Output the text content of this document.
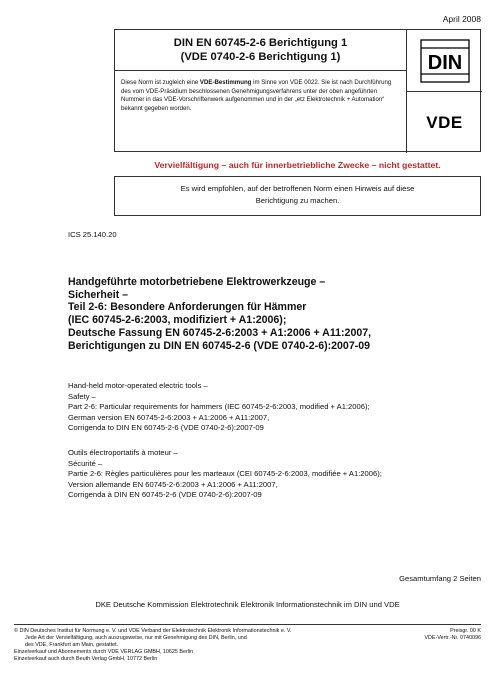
April 2008
DIN EN 60745-2-6 Berichtigung 1
(VDE 0740-2-6 Berichtigung 1)
Diese Norm ist zugleich eine VDE-Bestimmung im Sinne von VDE 0022. Sie ist nach Durchführung des vom VDE-Präsidium beschlossenen Genehmigungsverfahrens unter der oben angeführten Nummer in das VDE-Vorschriftenwerk aufgenommen und in der „etz Elektrotechnik + Automation“ bekannt gegeben worden.
DIN
VDE
Vervielfältigung – auch für innerbetriebliche Zwecke – nicht gestattet.
Es wird empfohlen, auf der betroffenen Norm einen Hinweis auf diese
Berichtigung zu machen.
ICS 25.140.20
Handgeführte motorbetriebene Elektrowerkzeuge –
Sicherheit –
Teil 2-6: Besondere Anforderungen für Hämmer
(IEC 60745-2-6:2003, modifiziert + A1:2006);
Deutsche Fassung EN 60745-2-6:2003 + A1:2006 + A11:2007,
Berichtigungen zu DIN EN 60745-2-6 (VDE 0740-2-6):2007-09
Hand-held motor-operated electric tools –
Safety –
Part 2-6: Particular requirements for hammers (IEC 60745-2-6:2003, modified + A1:2006);
German version EN 60745-2-6:2003 + A1:2006 + A11:2007,
Corrigenda to DIN EN 60745-2-6 (VDE 0740-2-6):2007-09
Outils électroportatifs à moteur –
Sécurité –
Partie 2-6: Règles particulières pour les marteaux (CEI 60745-2-6:2003, modifiée + A1:2006);
Version allemande EN 60745-2-6:2003 + A1:2006 + A11:2007,
Corrigenda à DIN EN 60745-2-6 (VDE 0740-2-6):2007-09
Gesamtumfang 2 Seiten
DKE Deutsche Kommission Elektrotechnik Elektronik Informationstechnik im DIN und VDE
© DIN Deutsches Institut für Normung e. V. und VDE Verband der Elektrotechnik Elektronik Informationstechnik e. V.
Jede Art der Vervielfältigung, auch auszugsweise, nur mit Genehmigung des DIN, Berlin, und
des VDE, Frankfurt am Main, gestattet.
Einzelverkauf und Abonnements durch VDE VERLAG GMBH, 10625 Berlin
Einzelverkauf auch durch Beuth Verlag GmbH, 10772 Berlin
Preisgr. 00 K
VDE-Vertr.-Nr. 0740096
